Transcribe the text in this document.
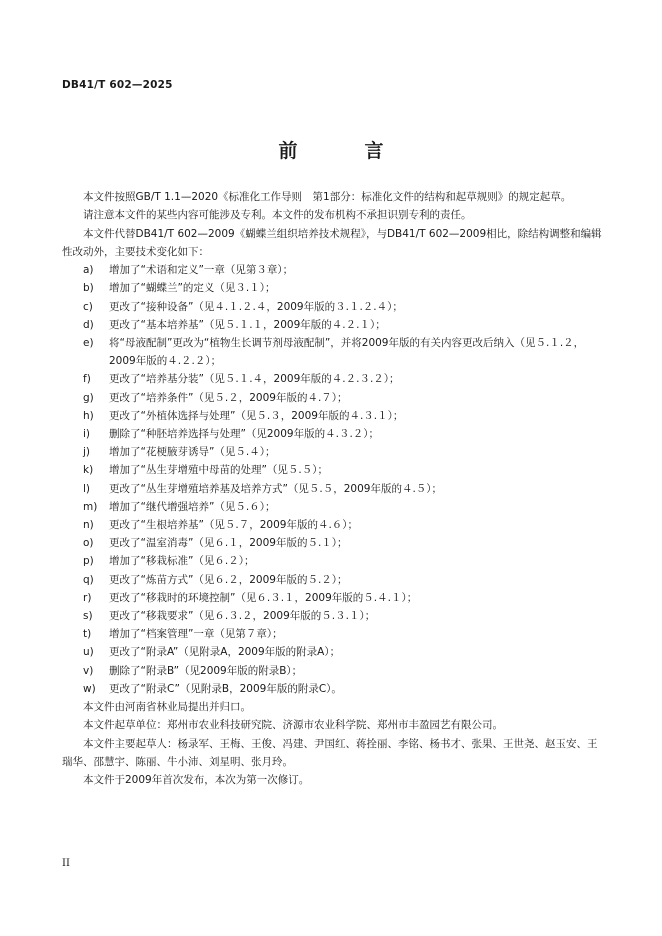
DB41/T 602—2025
前　言

本文件按照GB/T 1.1—2020《标准化工作导则　第1部分：标准化文件的结构和起草规则》的规定起草。

请注意本文件的某些内容可能涉及专利。本文件的发布机构不承担识别专利的责任。

本文件代替DB41/T 602—2009《蝴蝶兰组织培养技术规程》，与DB41/T 602—2009相比，除结构调整和编辑性改动外，主要技术变化如下：

a)	增加了“术语和定义”一章（见第３章）；
b)	增加了“蝴蝶兰”的定义（见３.１）；
c)	更改了“接种设备”（见４.１.２.４，2009年版的３.１.２.４）；
d)	更改了“基本培养基”（见５.１.１，2009年版的４.２.１）；
e)	将“母液配制”更改为“植物生长调节剂母液配制”，并将2009年版的有关内容更改后纳入（见５.１.２，2009年版的４.２.２）；
f)	更改了“培养基分装”（见５.１.４，2009年版的４.２.３.２）；
g)	更改了“培养条件”（见５.２，2009年版的４.７）；
h)	更改了“外植体选择与处理”（见５.３，2009年版的４.３.１）；
i)	删除了“种胚培养选择与处理”（见2009年版的４.３.２）；
j)	增加了“花梗腋芽诱导”（见５.４）；
k)	增加了“丛生芽增殖中母苗的处理”（见５.５）；
l)	更改了“丛生芽增殖培养基及培养方式”（见５.５，2009年版的４.５）；
m)	增加了“继代增强培养”（见５.６）；
n)	更改了“生根培养基”（见５.７，2009年版的４.６）；
o)	更改了“温室消毒”（见６.１，2009年版的５.１）；
p)	增加了“移栽标准”（见６.２）；
q)	更改了“炼苗方式”（见６.２，2009年版的５.２）；
r)	更改了“移栽时的环境控制”（见６.３.１，2009年版的５.４.１）；
s)	更改了“移栽要求”（见６.３.２，2009年版的５.３.１）；
t)	增加了“档案管理”一章（见第７章）；
u)	更改了“附录A”（见附录A，2009年版的附录A）；
v)	删除了“附录B”（见2009年版的附录B）；
w)	更改了“附录C”（见附录B，2009年版的附录C）。

本文件由河南省林业局提出并归口。

本文件起草单位：郑州市农业科技研究院、济源市农业科学院、郑州市丰盈园艺有限公司。

本文件主要起草人：杨录军、王梅、王俊、冯建、尹国红、蒋拴丽、李铭、杨书才、张果、王世尧、赵玉安、王瑞华、邵慧宇、陈丽、牛小沛、刘星明、张月玲。

本文件于2009年首次发布，本次为第一次修订。

II
